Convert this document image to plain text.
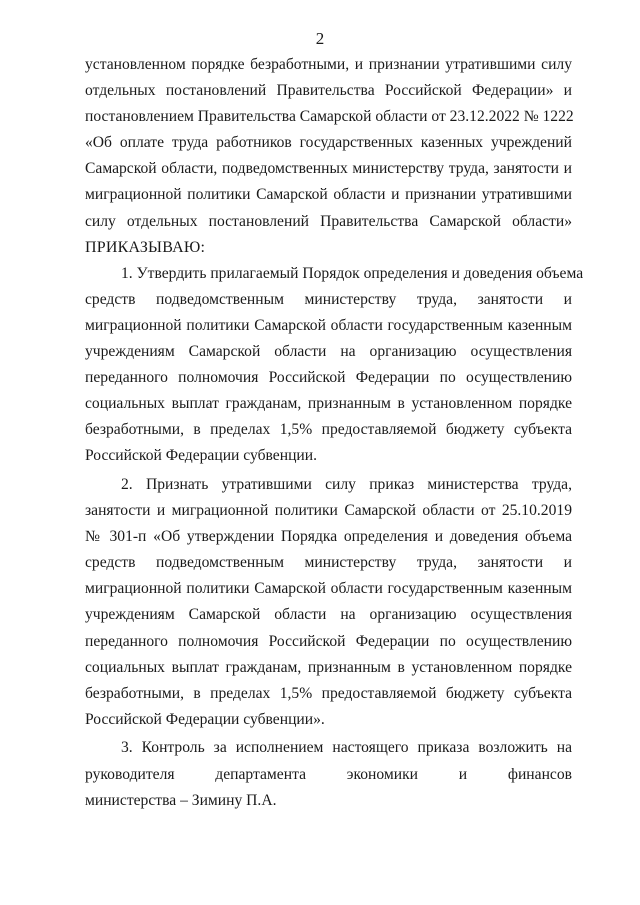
2
установленном порядке безработными, и признании утратившими силу
отдельных постановлений Правительства Российской Федерации» и
постановлением Правительства Самарской области от 23.12.2022 № 1222
«Об оплате труда работников государственных казенных учреждений
Самарской области, подведомственных министерству труда, занятости и
миграционной политики Самарской области и признании утратившими
силу отдельных постановлений Правительства Самарской области»
ПРИКАЗЫВАЮ:
1. Утвердить прилагаемый Порядок определения и доведения объема
средств подведомственным министерству труда, занятости и
миграционной политики Самарской области государственным казенным
учреждениям Самарской области на организацию осуществления
переданного полномочия Российской Федерации по осуществлению
социальных выплат гражданам, признанным в установленном порядке
безработными, в пределах 1,5% предоставляемой бюджету субъекта
Российской Федерации субвенции.
2. Признать утратившими силу приказ министерства труда,
занятости и миграционной политики Самарской области от 25.10.2019
№ 301-п «Об утверждении Порядка определения и доведения объема
средств подведомственным министерству труда, занятости и
миграционной политики Самарской области государственным казенным
учреждениям Самарской области на организацию осуществления
переданного полномочия Российской Федерации по осуществлению
социальных выплат гражданам, признанным в установленном порядке
безработными, в пределах 1,5% предоставляемой бюджету субъекта
Российской Федерации субвенции».
3. Контроль за исполнением настоящего приказа возложить на
руководителя департамента экономики и финансов
министерства – Зимину П.А.
